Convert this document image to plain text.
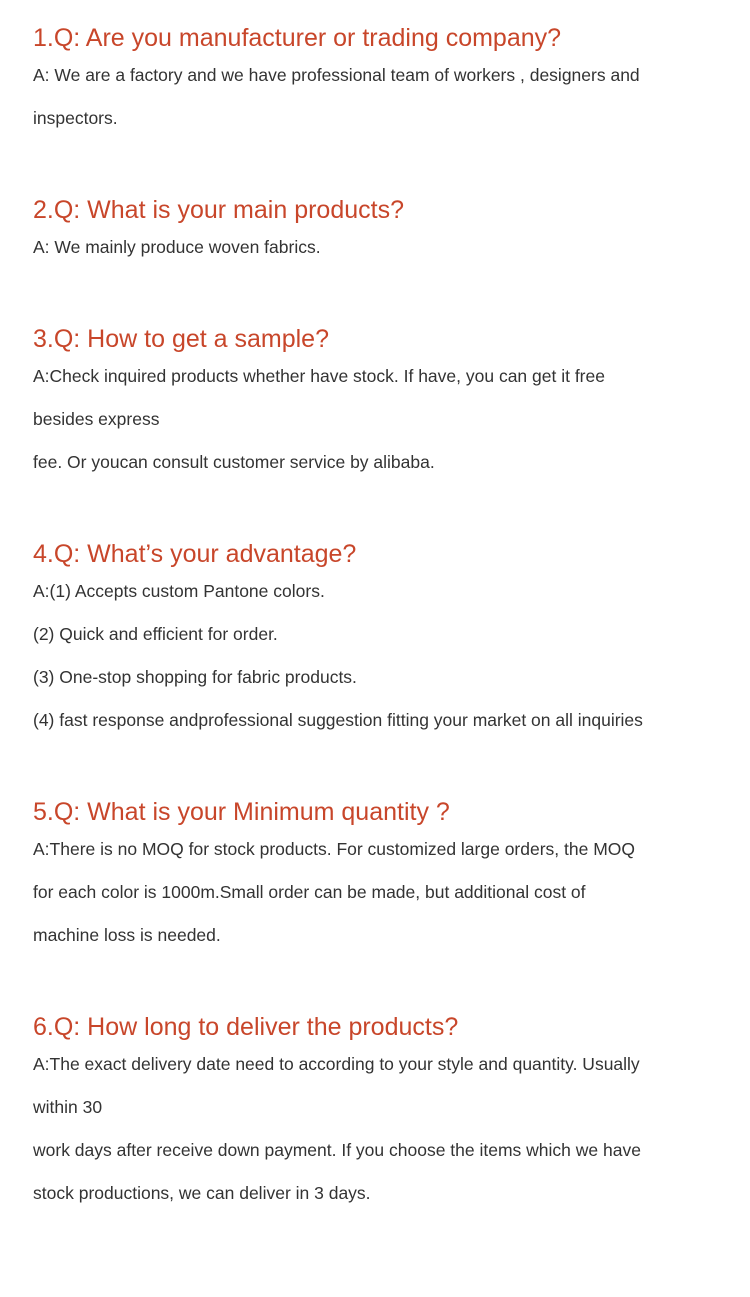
1.Q: Are you manufacturer or trading company?
A: We are a factory and we have professional team of workers , designers and
inspectors.
2.Q: What is your main products?
A: We mainly produce woven fabrics.
3.Q: How to get a sample?
A:Check inquired products whether have stock. If have, you can get it free
besides express
fee. Or youcan consult customer service by alibaba.
4.Q: What’s your advantage?
A:(1) Accepts custom Pantone colors.
(2) Quick and efficient for order.
(3) One-stop shopping for fabric products.
(4) fast response andprofessional suggestion fitting your market on all inquiries
5.Q: What is your Minimum quantity ?
A:There is no MOQ for stock products. For customized large orders, the MOQ
for each color is 1000m.Small order can be made, but additional cost of
machine loss is needed.
6.Q: How long to deliver the products?
A:The exact delivery date need to according to your style and quantity. Usually
within 30
work days after receive down payment. If you choose the items which we have
stock productions, we can deliver in 3 days.
